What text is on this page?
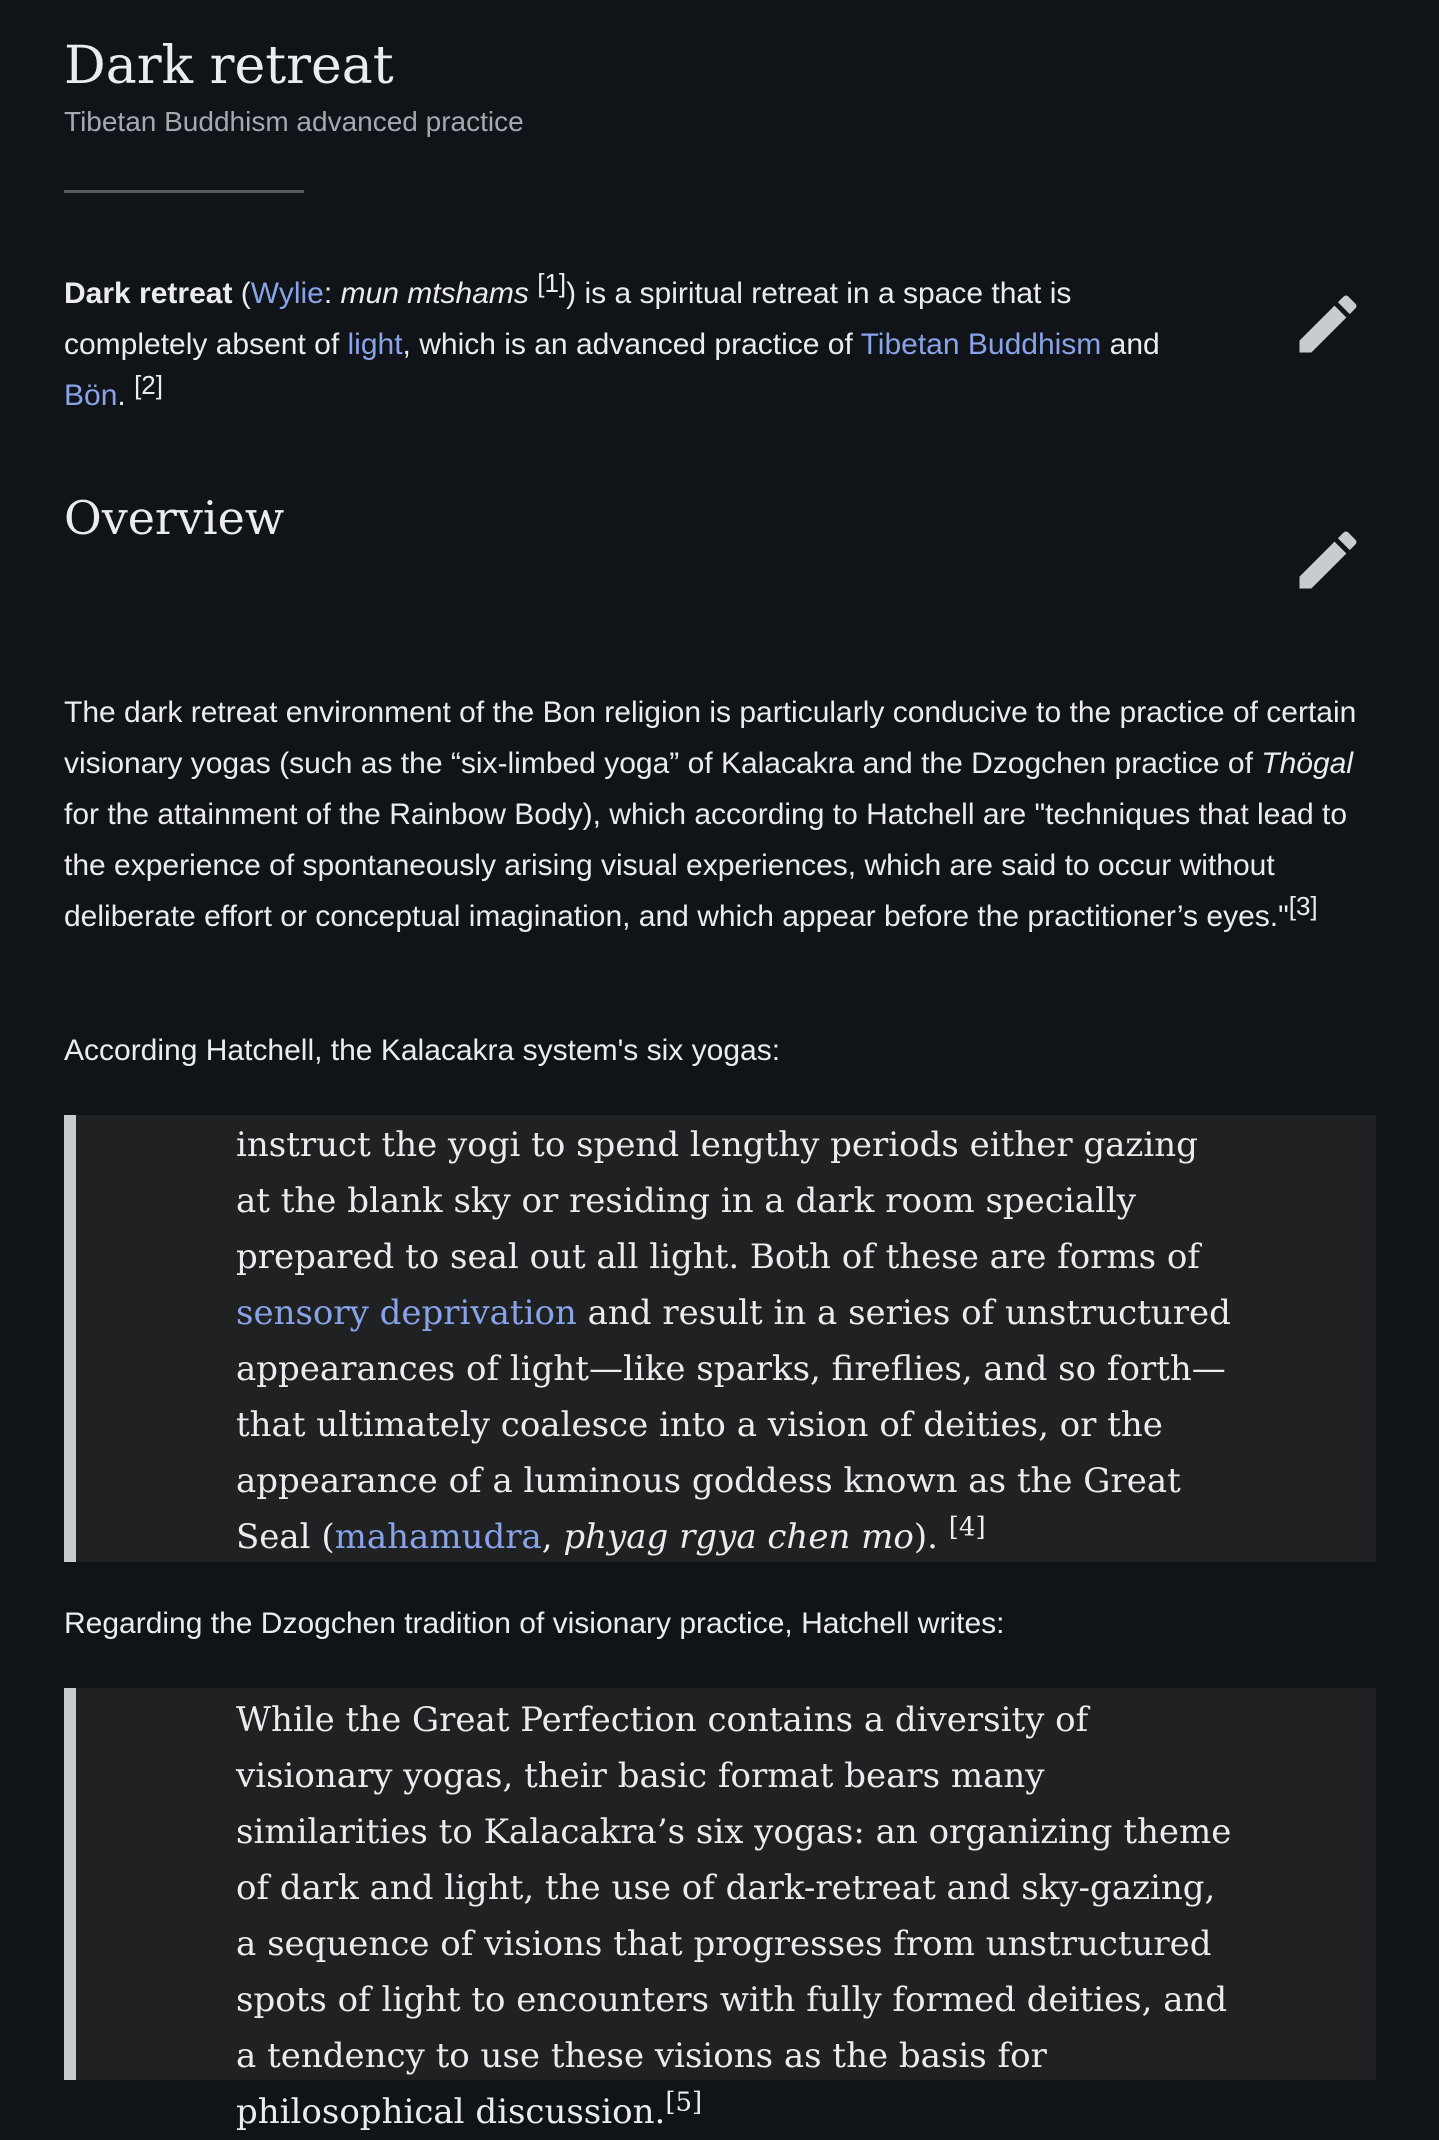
Dark retreat
Tibetan Buddhism advanced practice

Dark retreat (Wylie: mun mtshams [1]) is a spiritual retreat in a space that is completely absent of light, which is an advanced practice of Tibetan Buddhism and Bön. [2]

Overview

The dark retreat environment of the Bon religion is particularly conducive to the practice of certain visionary yogas (such as the “six-limbed yoga” of Kalacakra and the Dzogchen practice of Thögal for the attainment of the Rainbow Body), which according to Hatchell are "techniques that lead to the experience of spontaneously arising visual experiences, which are said to occur without deliberate effort or conceptual imagination, and which appear before the practitioner’s eyes."[3]

According Hatchell, the Kalacakra system's six yogas:

instruct the yogi to spend lengthy periods either gazing at the blank sky or residing in a dark room specially prepared to seal out all light. Both of these are forms of sensory deprivation and result in a series of unstructured appearances of light—like sparks, fireflies, and so forth—that ultimately coalesce into a vision of deities, or the appearance of a luminous goddess known as the Great Seal (mahamudra, phyag rgya chen mo). [4]

Regarding the Dzogchen tradition of visionary practice, Hatchell writes:

While the Great Perfection contains a diversity of visionary yogas, their basic format bears many similarities to Kalacakra’s six yogas: an organizing theme of dark and light, the use of dark-retreat and sky-gazing, a sequence of visions that progresses from unstructured spots of light to encounters with fully formed deities, and a tendency to use these visions as the basis for philosophical discussion.[5]
